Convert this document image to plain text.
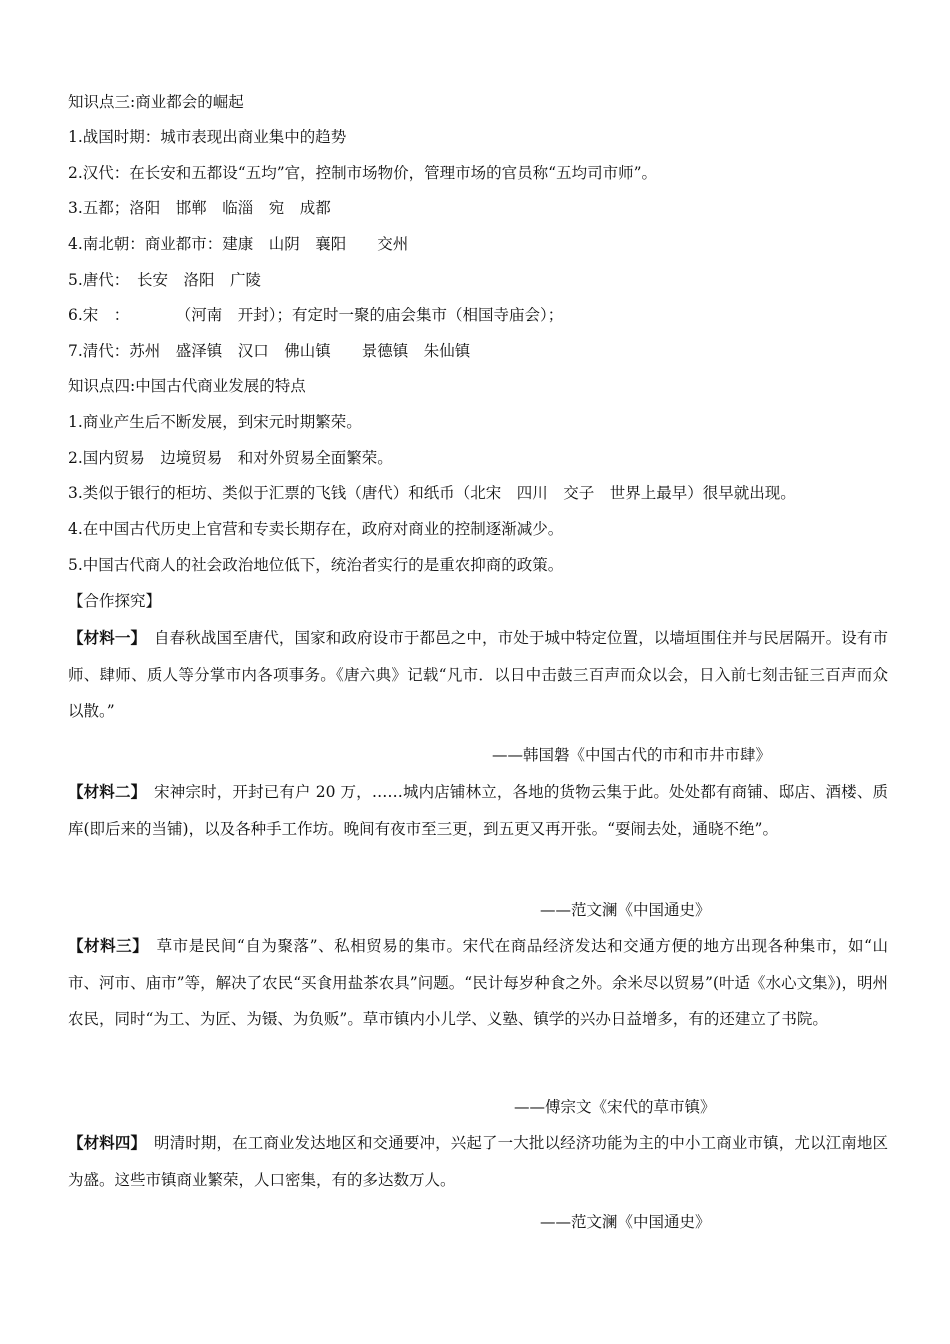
知识点三:商业都会的崛起
1.战国时期：城市表现出商业集中的趋势
2.汉代：在长安和五都设“五均”官，控制市场物价，管理市场的官员称“五均司市师”。
3.五都；洛阳　邯郸　临淄　宛　成都
4.南北朝：商业都市：建康　山阴　襄阳　　交州
5.唐代：　长安　洛阳　广陵
6.宋　：　　　　（河南　开封）；有定时一聚的庙会集市（相国寺庙会）；
7.清代：苏州　盛泽镇　汉口　佛山镇　　景德镇　朱仙镇
知识点四:中国古代商业发展的特点
1.商业产生后不断发展，到宋元时期繁荣。
2.国内贸易　边境贸易　和对外贸易全面繁荣。
3.类似于银行的柜坊、类似于汇票的飞钱（唐代）和纸币（北宋　四川　交子　世界上最早）很早就出现。
4.在中国古代历史上官营和专卖长期存在，政府对商业的控制逐渐减少。
5.中国古代商人的社会政治地位低下，统治者实行的是重农抑商的政策。
【合作探究】
【材料一】　自春秋战国至唐代，国家和政府设市于都邑之中，市处于城中特定位置，以墙垣围住并与民居隔开。设有市师、肆师、质人等分掌市内各项事务。《唐六典》记载“凡市．以日中击鼓三百声而众以会，日入前七刻击钲三百声而众以散。”
——韩国磐《中国古代的市和市井市肆》
【材料二】　宋神宗时，开封已有户 20 万，……城内店铺林立，各地的货物云集于此。处处都有商铺、邸店、酒楼、质库(即后来的当铺)，以及各种手工作坊。晚间有夜市至三更，到五更又再开张。“耍闹去处，通晓不绝”。
——范文澜《中国通史》
【材料三】　草市是民间“自为聚落”、私相贸易的集市。宋代在商品经济发达和交通方便的地方出现各种集市，如“山市、河市、庙市”等，解决了农民“买食用盐茶农具”问题。“民计每岁种食之外。余米尽以贸易”(叶适《水心文集》)，明州农民，同时“为工、为匠、为镊、为负贩”。草市镇内小儿学、义塾、镇学的兴办日益增多，有的还建立了书院。
——傅宗文《宋代的草市镇》
【材料四】　明清时期，在工商业发达地区和交通要冲，兴起了一大批以经济功能为主的中小工商业市镇，尤以江南地区为盛。这些市镇商业繁荣，人口密集，有的多达数万人。
——范文澜《中国通史》
